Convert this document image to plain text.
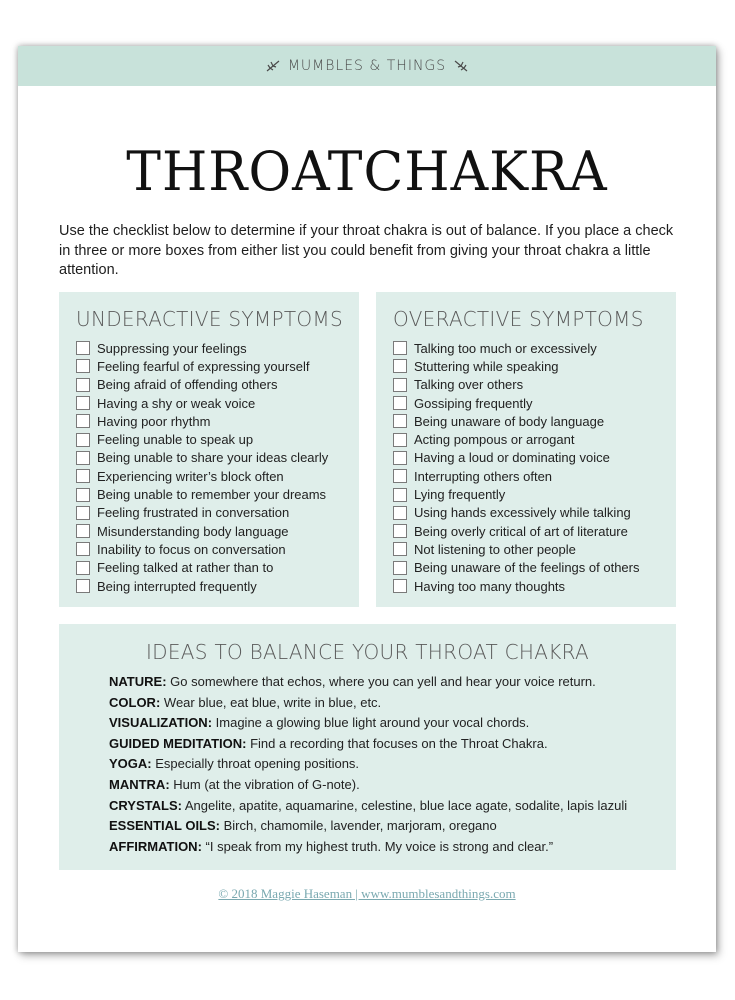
MUMBLES & THINGS
THROATCHAKRA
Use the checklist below to determine if your throat chakra is out of balance. If you place a check in three or more boxes from either list you could benefit from giving your throat chakra a little attention.
UNDERACTIVE SYMPTOMS
Suppressing your feelings
Feeling fearful of expressing yourself
Being afraid of offending others
Having a shy or weak voice
Having poor rhythm
Feeling unable to speak up
Being unable to share your ideas clearly
Experiencing writer’s block often
Being unable to remember your dreams
Feeling frustrated in conversation
Misunderstanding body language
Inability to focus on conversation
Feeling talked at rather than to
Being interrupted frequently
OVERACTIVE SYMPTOMS
Talking too much or excessively
Stuttering while speaking
Talking over others
Gossiping frequently
Being unaware of body language
Acting pompous or arrogant
Having a loud or dominating voice
Interrupting others often
Lying frequently
Using hands excessively while talking
Being overly critical of art of literature
Not listening to other people
Being unaware of the feelings of others
Having too many thoughts
IDEAS TO BALANCE YOUR THROAT CHAKRA
NATURE: Go somewhere that echos, where you can yell and hear your voice return.
COLOR: Wear blue, eat blue, write in blue, etc.
VISUALIZATION: Imagine a glowing blue light around your vocal chords.
GUIDED MEDITATION: Find a recording that focuses on the Throat Chakra.
YOGA: Especially throat opening positions.
MANTRA: Hum (at the vibration of G-note).
CRYSTALS: Angelite, apatite, aquamarine, celestine, blue lace agate, sodalite, lapis lazuli
ESSENTIAL OILS: Birch, chamomile, lavender, marjoram, oregano
AFFIRMATION: “I speak from my highest truth. My voice is strong and clear.”
© 2018 Maggie Haseman | www.mumblesandthings.com
